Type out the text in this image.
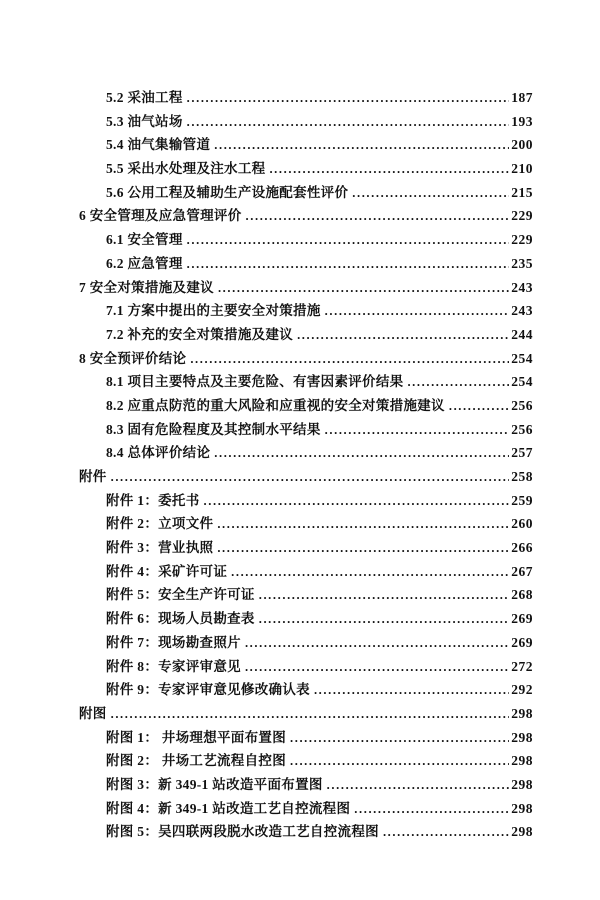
5.2 采油工程 .....	187
5.3 油气站场 .....	193
5.4 油气集输管道 .....	200
5.5 采出水处理及注水工程 .....	210
5.6 公用工程及辅助生产设施配套性评价 .....	215
6 安全管理及应急管理评价 .....	229
6.1 安全管理 .....	229
6.2 应急管理 .....	235
7 安全对策措施及建议 .....	243
7.1 方案中提出的主要安全对策措施 .....	243
7.2 补充的安全对策措施及建议 .....	244
8 安全预评价结论 .....	254
8.1 项目主要特点及主要危险、有害因素评价结果 .....	254
8.2 应重点防范的重大风险和应重视的安全对策措施建议 .....	256
8.3 固有危险程度及其控制水平结果 .....	256
8.4 总体评价结论 .....	257
附件 .....	258
附件 1：委托书 .....	259
附件 2：立项文件 .....	260
附件 3：营业执照 .....	266
附件 4：采矿许可证 .....	267
附件 5：安全生产许可证 .....	268
附件 6：现场人员勘查表 .....	269
附件 7：现场勘查照片 .....	269
附件 8：专家评审意见 .....	272
附件 9：专家评审意见修改确认表 .....	292
附图 .....	298
附图 1： 井场理想平面布置图 .....	298
附图 2： 井场工艺流程自控图 .....	298
附图 3：新 349-1 站改造平面布置图 .....	298
附图 4：新 349-1 站改造工艺自控流程图 .....	298
附图 5：吴四联两段脱水改造工艺自控流程图 .....	298
